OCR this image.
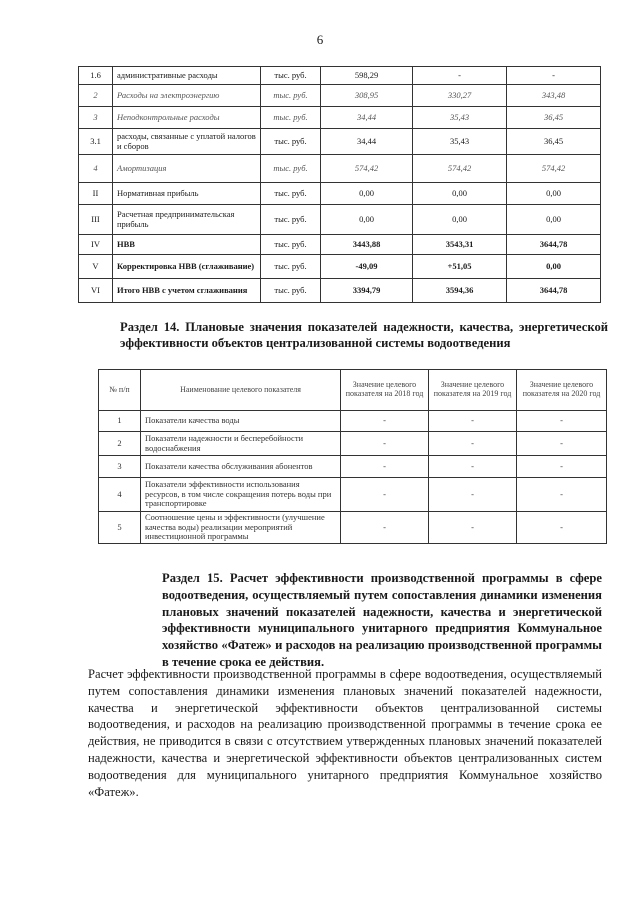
6
1.6	административные расходы	тыс. руб.	598,29	-	-
2	Расходы на электроэнергию	тыс. руб.	308,95	330,27	343,48
3	Неподконтрольные расходы	тыс. руб.	34,44	35,43	36,45
3.1	расходы, связанные с уплатой налогов и сборов	тыс. руб.	34,44	35,43	36,45
4	Амортизация	тыс. руб.	574,42	574,42	574,42
II	Нормативная прибыль	тыс. руб.	0,00	0,00	0,00
III	Расчетная предпринимательская прибыль	тыс. руб.	0,00	0,00	0,00
IV	НВВ	тыс. руб.	3443,88	3543,31	3644,78
V	Корректировка НВВ (сглаживание)	тыс. руб.	-49,09	+51,05	0,00
VI	Итого НВВ с учетом сглаживания	тыс. руб.	3394,79	3594,36	3644,78
Раздел 14. Плановые значения показателей надежности, качества, энергетической эффективности объектов централизованной системы водоотведения
№ п/п	Наименование целевого показателя	Значение целевого показателя на 2018 год	Значение целевого показателя на 2019 год	Значение целевого показателя на 2020 год
1	Показатели качества воды	-	-	-
2	Показатели надежности и бесперебойности водоснабжения	-	-	-
3	Показатели качества обслуживания абонентов	-	-	-
4	Показатели эффективности использования ресурсов, в том числе сокращения потерь воды при транспортировке	-	-	-
5	Соотношение цены и эффективности (улучшение качества воды) реализации мероприятий инвестиционной программы	-	-	-
Раздел 15. Расчет эффективности производственной программы в сфере водоотведения, осуществляемый путем сопоставления динамики изменения плановых значений показателей надежности, качества и энергетической эффективности муниципального унитарного предприятия Коммунальное хозяйство «Фатеж» и расходов на реализацию производственной программы в течение срока ее действия.
Расчет эффективности производственной программы в сфере водоотведения, осуществляемый путем сопоставления динамики изменения плановых значений показателей надежности, качества и энергетической эффективности объектов централизованной системы водоотведения, и расходов на реализацию производственной программы в течение срока ее действия, не приводится в связи с отсутствием утвержденных плановых значений показателей надежности, качества и энергетической эффективности объектов централизованных систем водоотведения для муниципального унитарного предприятия Коммунальное хозяйство «Фатеж».
